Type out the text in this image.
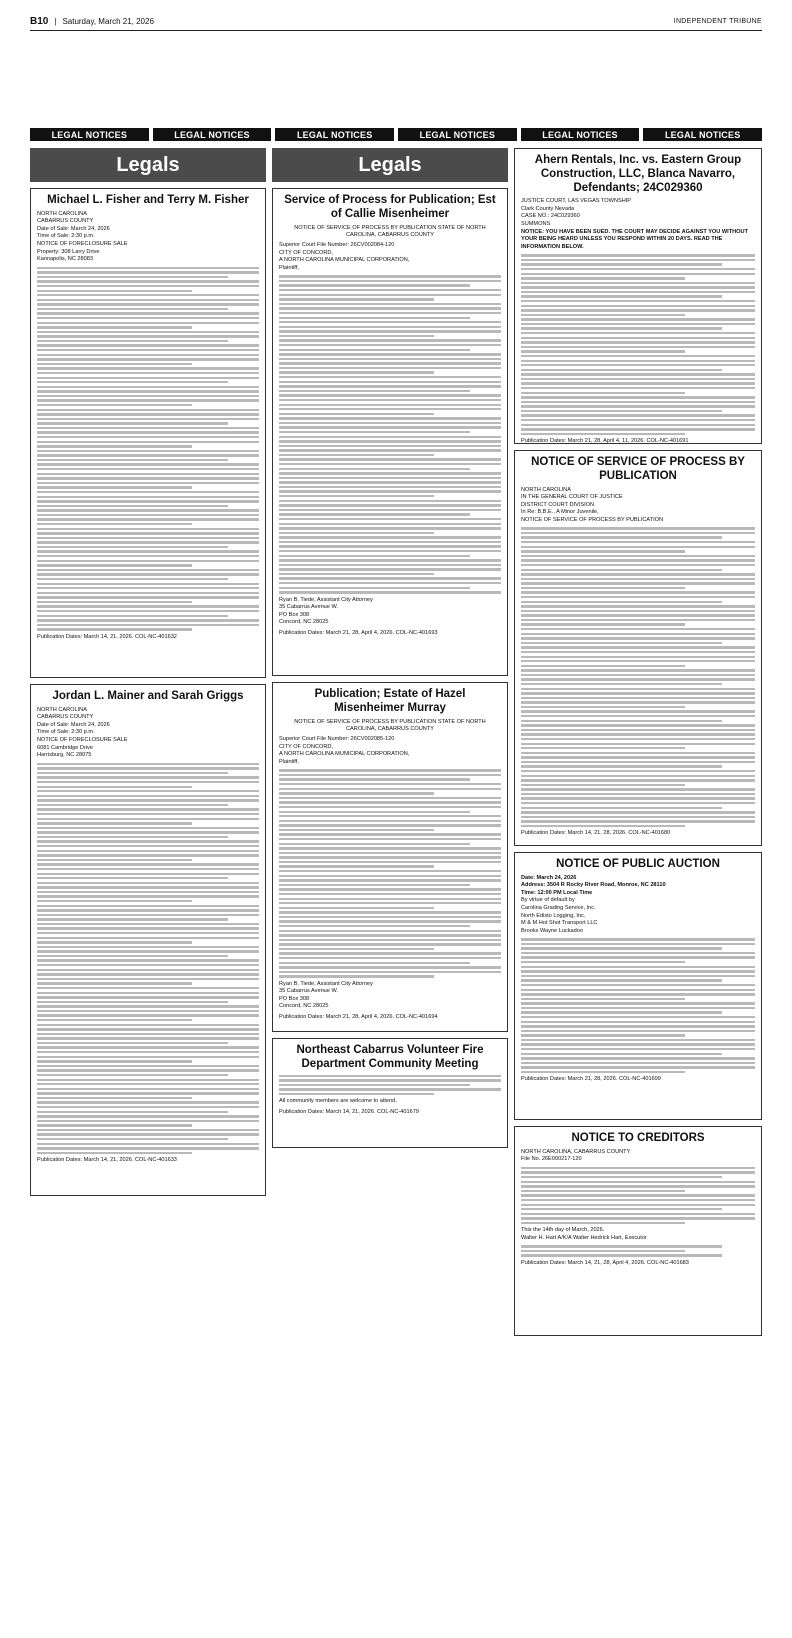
B10 | Saturday, March 21, 2026	INDEPENDENT TRIBUNE
LEGAL NOTICES	LEGAL NOTICES	LEGAL NOTICES	LEGAL NOTICES	LEGAL NOTICES	LEGAL NOTICES
Legals
Michael L. Fisher and Terry M. Fisher
NORTH CAROLINA
CABARRUS COUNTY
Date of Sale: March 24, 2026
Time of Sale: 2:30 p.m.
NOTICE OF FORECLOSURE SALE
Property: 308 Larry Drive
Kannapolis, NC 28083
Publication Dates: March 14, 21, 2026. COL-NC-401632
Jordan L. Mainer and Sarah Griggs
NORTH CAROLINA
CABARRUS COUNTY
Date of Sale: March 24, 2026
Time of Sale: 2:30 p.m.
NOTICE OF FORECLOSURE SALE
6081 Cambridge Drive
Harrisburg, NC 28075
Publication Dates: March 14, 21, 2026. COL-NC-401633
Legals
Service of Process for Publication; Est of Callie Misenheimer
NOTICE OF SERVICE OF PROCESS BY PUBLICATION STATE OF NORTH CAROLINA, CABARRUS COUNTY
Superior Court File Number: 26CV002084-120
CITY OF CONCORD,
A NORTH CAROLINA MUNICIPAL CORPORATION,
Plaintiff,
Ryan B. Tiede, Assistant City Attorney
35 Cabarrus Avenue W.
PO Box 308
Concord, NC 28025
Publication Dates: March 21, 28, April 4, 2026. COL-NC-401693
Publication; Estate of Hazel Misenheimer Murray
NOTICE OF SERVICE OF PROCESS BY PUBLICATION STATE OF NORTH CAROLINA, CABARRUS COUNTY
Superior Court File Number: 26CV002085-120
CITY OF CONCORD,
A NORTH CAROLINA MUNICIPAL CORPORATION,
Plaintiff,
Ryan B. Tiede, Assistant City Attorney
35 Cabarrus Avenue W.
PO Box 308
Concord, NC 28025
Publication Dates: March 21, 28, April 4, 2026. COL-NC-401694
Northeast Cabarrus Volunteer Fire Department Community Meeting
All community members are welcome to attend.
Publication Dates: March 14, 21, 2026. COL-NC-401679
Ahern Rentals, Inc. vs. Eastern Group Construction, LLC, Blanca Navarro, Defendants; 24C029360
JUSTICE COURT, LAS VEGAS TOWNSHIP
Clark County Nevada
CASE NO.: 24C029360
SUMMONS
NOTICE: YOU HAVE BEEN SUED. THE COURT MAY DECIDE AGAINST YOU WITHOUT YOUR BEING HEARD UNLESS YOU RESPOND WITHIN 20 DAYS. READ THE INFORMATION BELOW.
Publication Dates: March 21, 28, April 4, 11, 2026. COL-NC-401691
NOTICE OF SERVICE OF PROCESS BY PUBLICATION
NORTH CAROLINA
IN THE GENERAL COURT OF JUSTICE
DISTRICT COURT DIVISION
In Re: B.B.E., A Minor Juvenile.
NOTICE OF SERVICE OF PROCESS BY PUBLICATION
Publication Dates: March 14, 21, 28, 2026. COL-NC-401680
NOTICE OF PUBLIC AUCTION
Date: March 24, 2026
Address: 3504 R Rocky River Road, Monroe, NC 28110
Time: 12:00 PM Local Time
By virtue of default by
Carolina Grading Service, Inc.
North Edisto Logging, Inc.
M & M Hot Shot Transport LLC
Brooks Wayne Luckadoo
Publication Dates: March 21, 28, 2026. COL-NC-401699
NOTICE TO CREDITORS
NORTH CAROLINA, CABARRUS COUNTY
File No. 26E000217-120
This the 14th day of March, 2026.
Walter H. Hart A/K/A Walter Hedrick Hart, Executor
Publication Dates: March 14, 21, 28, April 4, 2026. COL-NC-401683
